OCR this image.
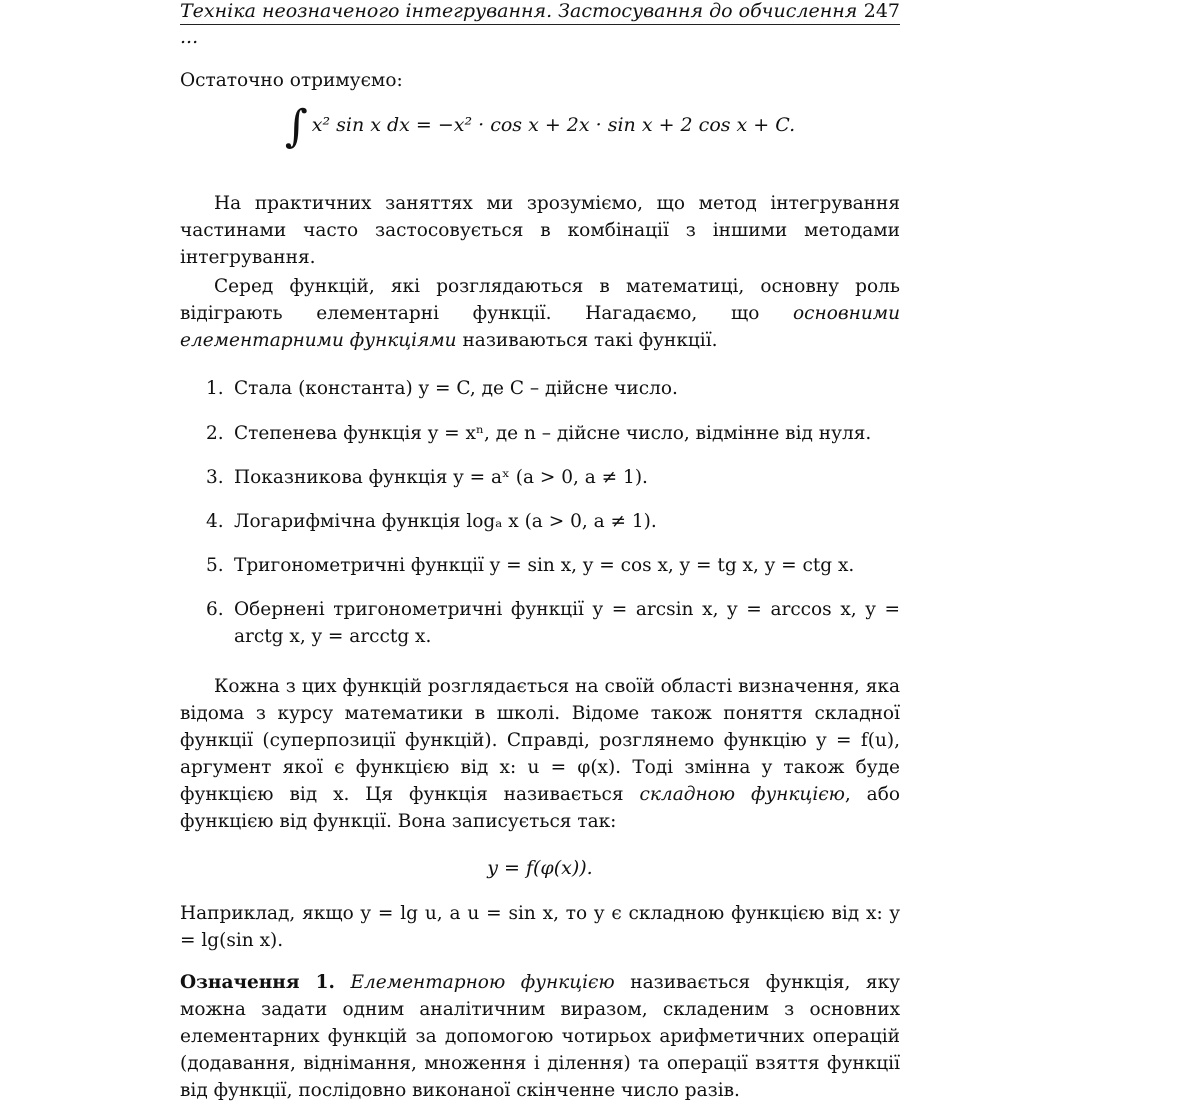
Техніка неозначеного інтегрування. Застосування до обчислення ...
247

Остаточно отримуємо:

∫ x² sin x dx = −x² · cos x + 2x · sin x + 2 cos x + C.

На практичних заняттях ми зрозуміємо, що метод інтегрування частинами часто застосовується в комбінації з іншими методами інтегрування.

Серед функцій, які розглядаються в математиці, основну роль відіграють елементарні функції. Нагадаємо, що основними елементарними функціями називаються такі функції.

1. Стала (константа) y = C, де C – дійсне число.
2. Степенева функція y = xⁿ, де n – дійсне число, відмінне від нуля.
3. Показникова функція y = aˣ (a > 0, a ≠ 1).
4. Логарифмічна функція logₐ x (a > 0, a ≠ 1).
5. Тригонометричні функції y = sin x, y = cos x, y = tg x, y = ctg x.
6. Обернені тригонометричні функції y = arcsin x, y = arccos x, y = arctg x, y = arcctg x.

Кожна з цих функцій розглядається на своїй області визначення, яка відома з курсу математики в школі. Відоме також поняття складної функції (суперпозиції функцій). Справді, розглянемо функцію y = f(u), аргумент якої є функцією від x: u = φ(x). Тоді змінна y також буде функцією від x. Ця функція називається складною функцією, або функцією від функції. Вона записується так:

y = f(φ(x)).

Наприклад, якщо y = lg u, а u = sin x, то y є складною функцією від x: y = lg(sin x).

Означення 1. Елементарною функцією називається функція, яку можна задати одним аналітичним виразом, складеним з основних елементарних функцій за допомогою чотирьох арифметичних операцій (додавання, віднімання, множення і ділення) та операції взяття функції від функції, послідовно виконаної скінченне число разів.
